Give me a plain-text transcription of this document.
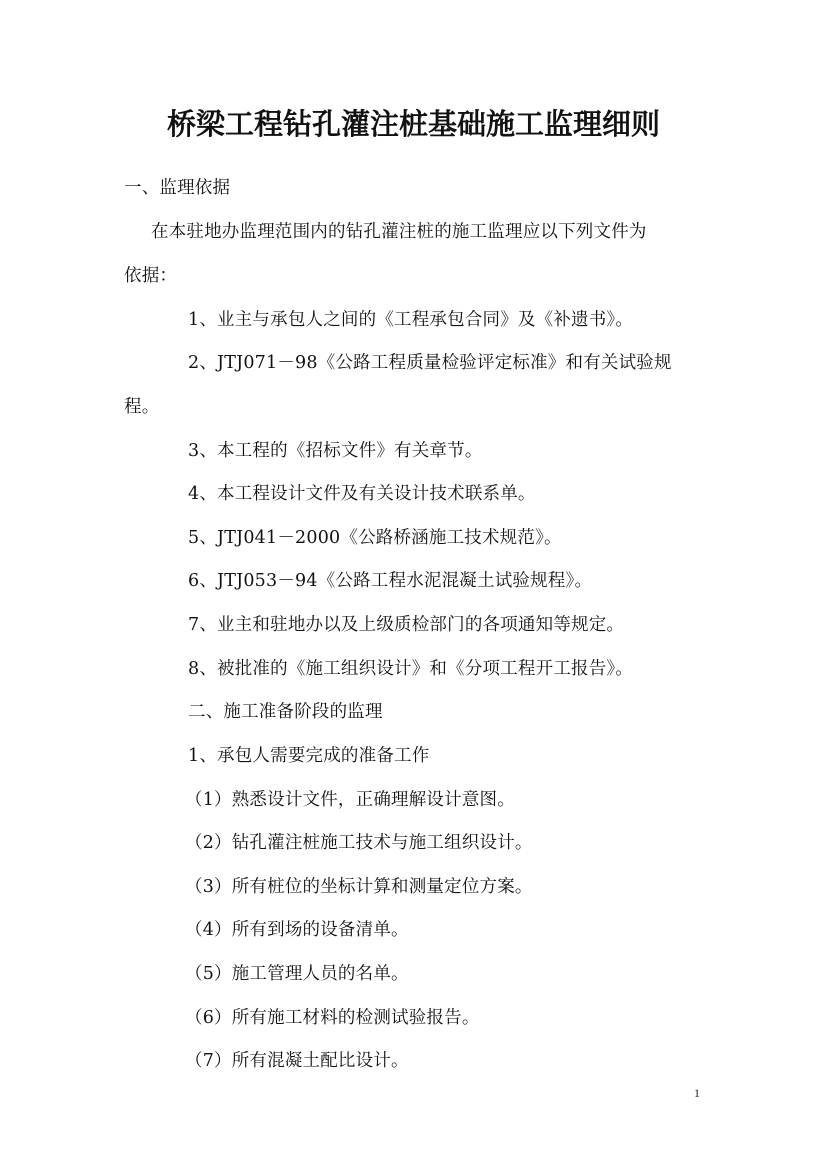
桥梁工程钻孔灌注桩基础施工监理细则
一、监理依据
在本驻地办监理范围内的钻孔灌注桩的施工监理应以下列文件为
依据：
1、业主与承包人之间的《工程承包合同》及《补遗书》。
2、JTJ071－98《公路工程质量检验评定标准》和有关试验规
程。
3、本工程的《招标文件》有关章节。
4、本工程设计文件及有关设计技术联系单。
5、JTJ041－2000《公路桥涵施工技术规范》。
6、JTJ053－94《公路工程水泥混凝土试验规程》。
7、业主和驻地办以及上级质检部门的各项通知等规定。
8、被批准的《施工组织设计》和《分项工程开工报告》。
二、施工准备阶段的监理
1、承包人需要完成的准备工作
（1）熟悉设计文件，正确理解设计意图。
（2）钻孔灌注桩施工技术与施工组织设计。
（3）所有桩位的坐标计算和测量定位方案。
（4）所有到场的设备清单。
（5）施工管理人员的名单。
（6）所有施工材料的检测试验报告。
（7）所有混凝土配比设计。
1
